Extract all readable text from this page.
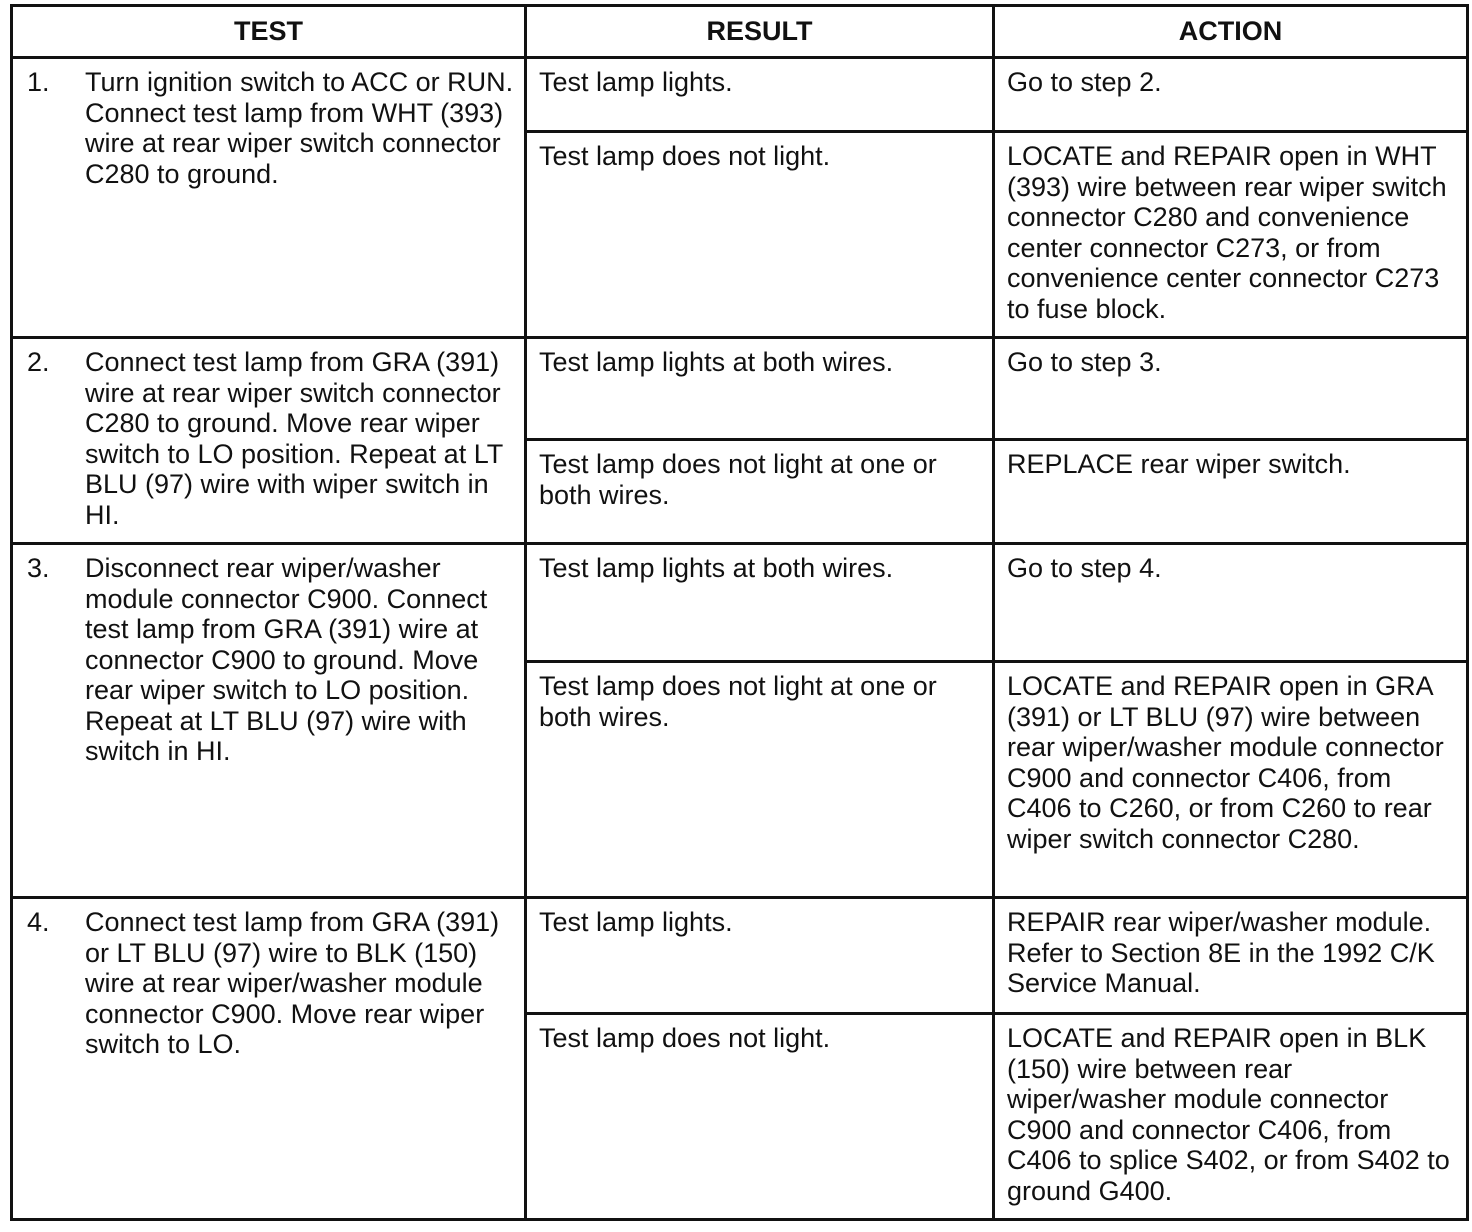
TEST	RESULT	ACTION

1. Turn ignition switch to ACC or RUN. Connect test lamp from WHT (393) wire at rear wiper switch connector C280 to ground.	Test lamp lights.	Go to step 2.
	Test lamp does not light.	LOCATE and REPAIR open in WHT (393) wire between rear wiper switch connector C280 and convenience center connector C273, or from convenience center connector C273 to fuse block.

2. Connect test lamp from GRA (391) wire at rear wiper switch connector C280 to ground. Move rear wiper switch to LO position. Repeat at LT BLU (97) wire with wiper switch in HI.	Test lamp lights at both wires.	Go to step 3.
	Test lamp does not light at one or both wires.	REPLACE rear wiper switch.

3. Disconnect rear wiper/washer module connector C900. Connect test lamp from GRA (391) wire at connector C900 to ground. Move rear wiper switch to LO position. Repeat at LT BLU (97) wire with switch in HI.	Test lamp lights at both wires.	Go to step 4.
	Test lamp does not light at one or both wires.	LOCATE and REPAIR open in GRA (391) or LT BLU (97) wire between rear wiper/washer module connector C900 and connector C406, from C406 to C260, or from C260 to rear wiper switch connector C280.

4. Connect test lamp from GRA (391) or LT BLU (97) wire to BLK (150) wire at rear wiper/washer module connector C900. Move rear wiper switch to LO.	Test lamp lights.	REPAIR rear wiper/washer module. Refer to Section 8E in the 1992 C/K Service Manual.
	Test lamp does not light.	LOCATE and REPAIR open in BLK (150) wire between rear wiper/washer module connector C900 and connector C406, from C406 to splice S402, or from S402 to ground G400.
